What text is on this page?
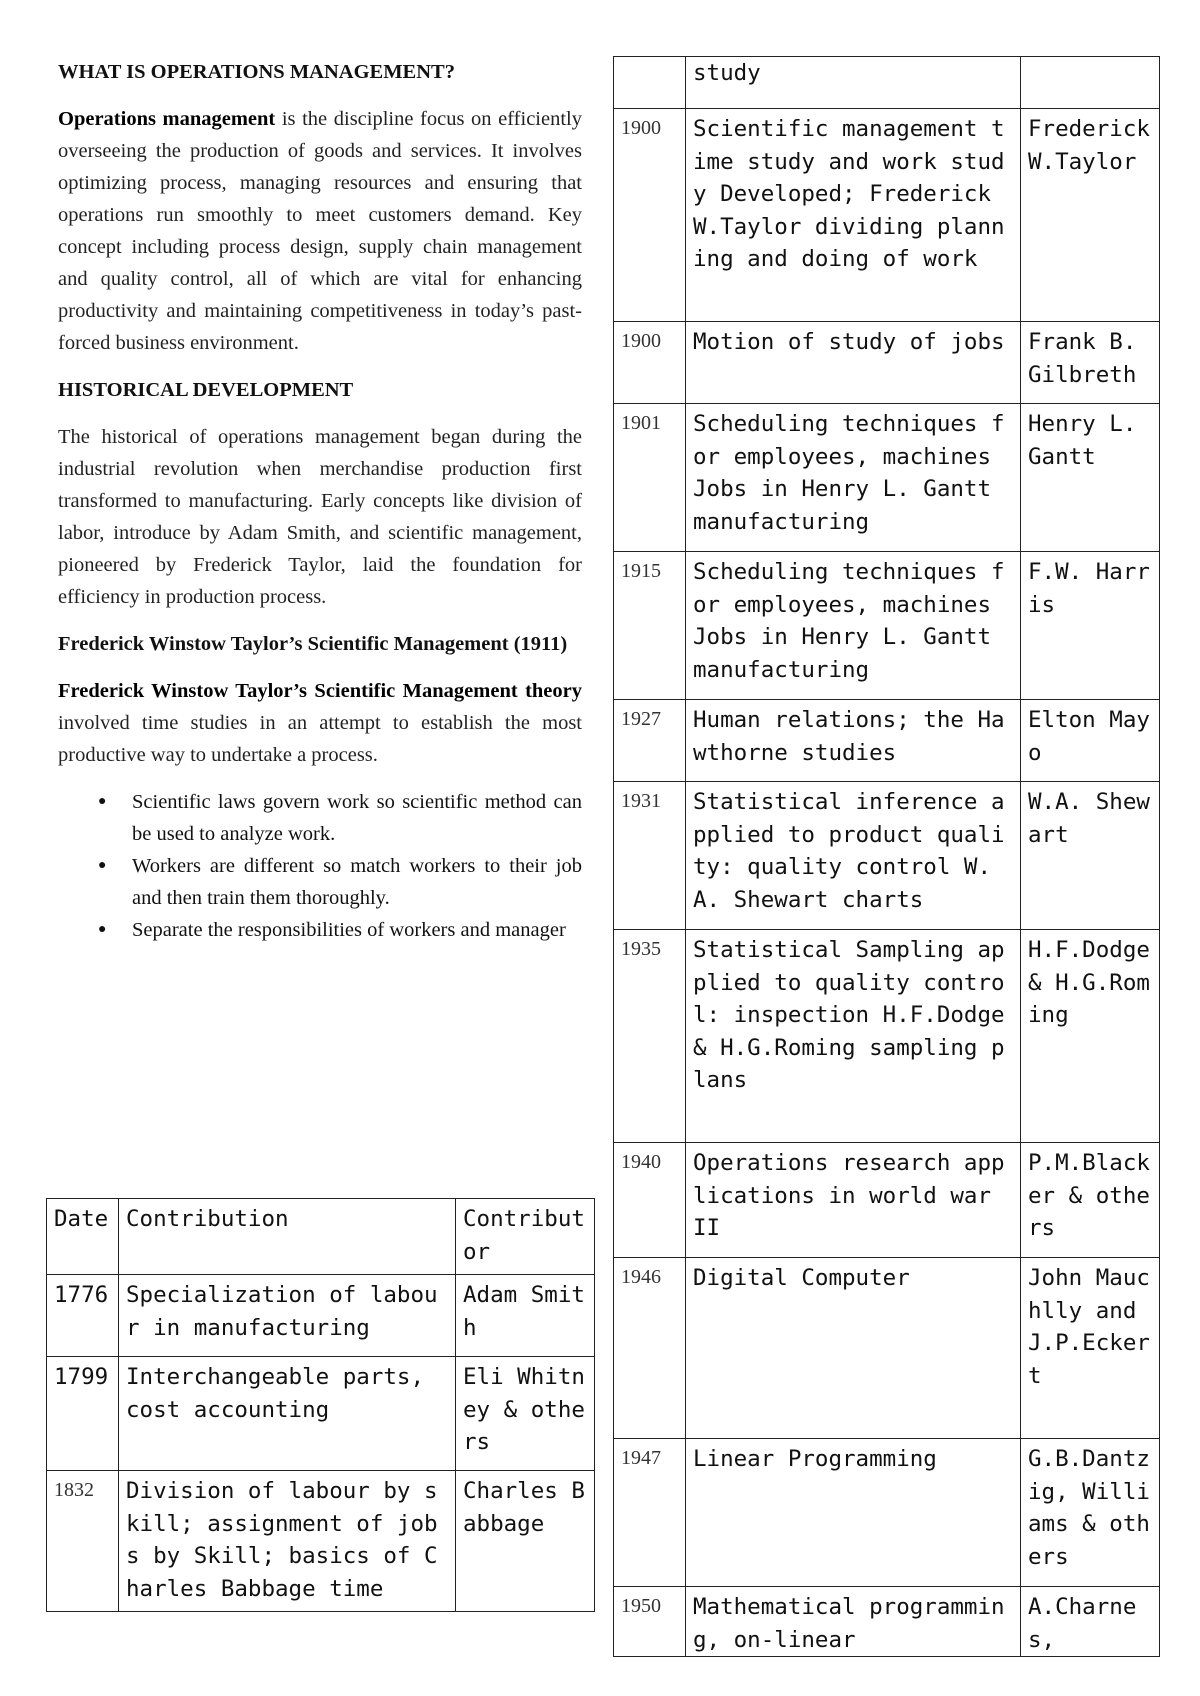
WHAT IS OPERATIONS MANAGEMENT?

Operations management is the discipline focus on efficiently overseeing the production of goods and services. It involves optimizing process, managing resources and ensuring that operations run smoothly to meet customers demand. Key concept including process design, supply chain management and quality control, all of which are vital for enhancing productivity and maintaining competitiveness in today’s past-forced business environment.

HISTORICAL DEVELOPMENT

The historical of operations management began during the industrial revolution when merchandise production first transformed to manufacturing. Early concepts like division of labor, introduce by Adam Smith, and scientific management, pioneered by Frederick Taylor, laid the foundation for efficiency in production process.

Frederick Winstow Taylor’s Scientific Management (1911)

Frederick Winstow Taylor’s Scientific Management theory involved time studies in an attempt to establish the most productive way to undertake a process.

● Scientific laws govern work so scientific method can be used to analyze work.
● Workers are different so match workers to their job and then train them thoroughly.
● Separate the responsibilities of workers and manager
Date	Contribution	Contributor
1776	Specialization of labour in manufacturing	Adam Smith
1799	Interchangeable parts, cost accounting	Eli Whitney & others
1832	Division of labour by skill; assignment of jobs by Skill; basics of Charles Babbage time	Charles Babbage
	study	
1900	Scientific management time study and work study Developed; Frederick W.Taylor dividing planning and doing of work	Frederick W.Taylor
1900	Motion of study of jobs	Frank B. Gilbreth
1901	Scheduling techniques for employees, machines Jobs in Henry L. Gantt manufacturing	Henry L. Gantt
1915	Scheduling techniques for employees, machines Jobs in Henry L. Gantt manufacturing	F.W. Harris
1927	Human relations; the Hawthorne studies	Elton Mayo
1931	Statistical inference applied to product quality: quality control W.A. Shewart charts	W.A. Shewart
1935	Statistical Sampling applied to quality control: inspection H.F.Dodge & H.G.Roming sampling plans	H.F.Dodge & H.G.Roming
1940	Operations research applications in world war II	P.M.Blacker & others
1946	Digital Computer	John Mauchlly and J.P.Eckert
1947	Linear Programming	G.B.Dantzig, Williams & others
1950	Mathematical programming, on-linear	A.Charnes,
